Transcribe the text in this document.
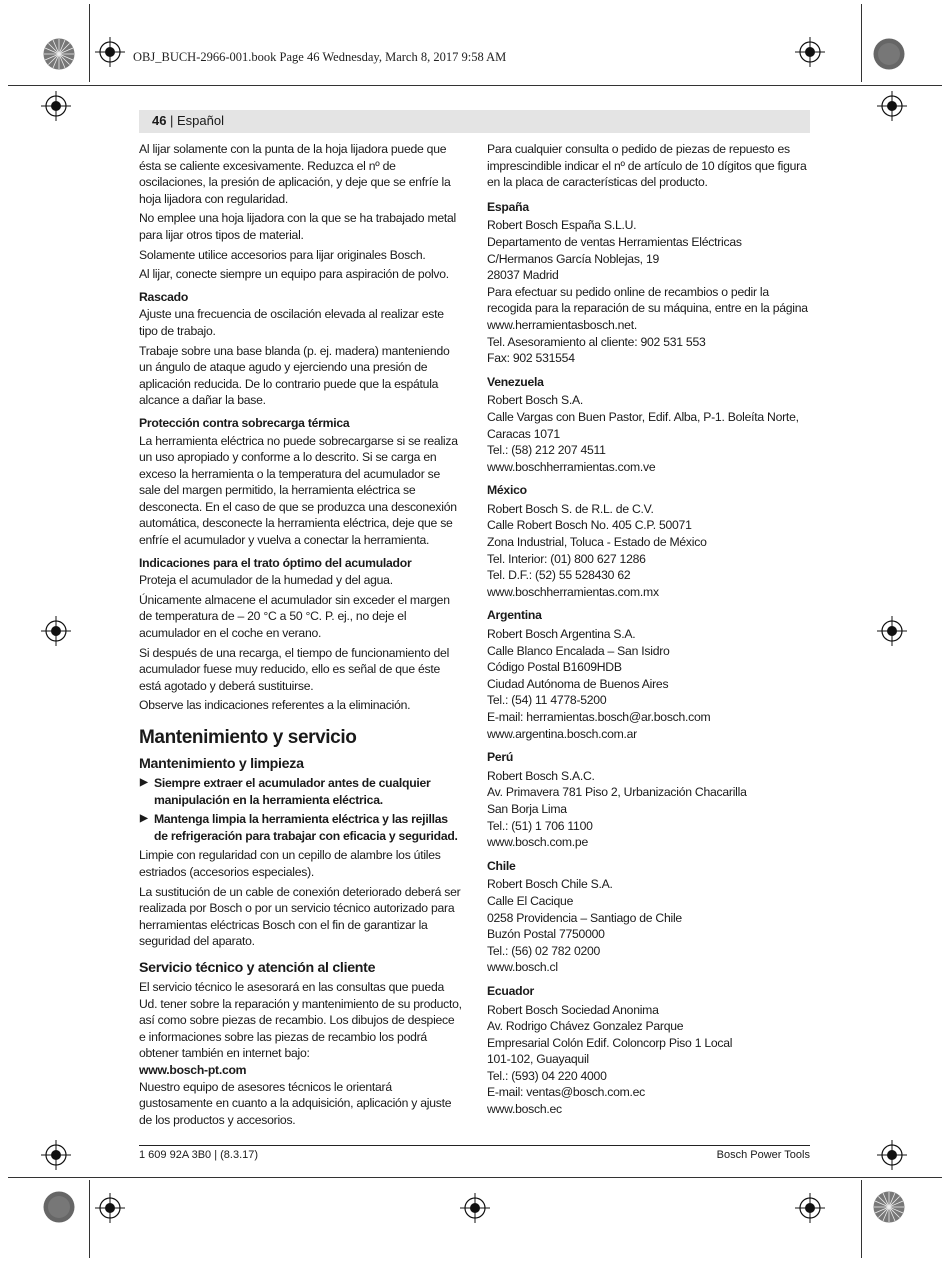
OBJ_BUCH-2966-001.book Page 46 Wednesday, March 8, 2017 9:58 AM
46 | Español

Al lijar solamente con la punta de la hoja lijadora puede que ésta se caliente excesivamente. Reduzca el nº de oscilaciones, la presión de aplicación, y deje que se enfríe la hoja lijadora con regularidad.

No emplee una hoja lijadora con la que se ha trabajado metal para lijar otros tipos de material.

Solamente utilice accesorios para lijar originales Bosch.

Al lijar, conecte siempre un equipo para aspiración de polvo.

Rascado

Ajuste una frecuencia de oscilación elevada al realizar este tipo de trabajo.

Trabaje sobre una base blanda (p. ej. madera) manteniendo un ángulo de ataque agudo y ejerciendo una presión de aplicación reducida. De lo contrario puede que la espátula alcance a dañar la base.

Protección contra sobrecarga térmica

La herramienta eléctrica no puede sobrecargarse si se realiza un uso apropiado y conforme a lo descrito. Si se carga en exceso la herramienta o la temperatura del acumulador se sale del margen permitido, la herramienta eléctrica se desconecta. En el caso de que se produzca una desconexión automática, desconecte la herramienta eléctrica, deje que se enfríe el acumulador y vuelva a conectar la herramienta.

Indicaciones para el trato óptimo del acumulador

Proteja el acumulador de la humedad y del agua.

Únicamente almacene el acumulador sin exceder el margen de temperatura de – 20 °C a 50 °C. P. ej., no deje el acumulador en el coche en verano.

Si después de una recarga, el tiempo de funcionamiento del acumulador fuese muy reducido, ello es señal de que éste está agotado y deberá sustituirse.

Observe las indicaciones referentes a la eliminación.

Mantenimiento y servicio
Mantenimiento y limpieza
▶ Siempre extraer el acumulador antes de cualquier manipulación en la herramienta eléctrica.
▶ Mantenga limpia la herramienta eléctrica y las rejillas de refrigeración para trabajar con eficacia y seguridad.

Limpie con regularidad con un cepillo de alambre los útiles estriados (accesorios especiales).

La sustitución de un cable de conexión deteriorado deberá ser realizada por Bosch o por un servicio técnico autorizado para herramientas eléctricas Bosch con el fin de garantizar la seguridad del aparato.

Servicio técnico y atención al cliente

El servicio técnico le asesorará en las consultas que pueda Ud. tener sobre la reparación y mantenimiento de su producto, así como sobre piezas de recambio. Los dibujos de despiece e informaciones sobre las piezas de recambio los podrá obtener también en internet bajo:

www.bosch-pt.com

Nuestro equipo de asesores técnicos le orientará gustosamente en cuanto a la adquisición, aplicación y ajuste de los productos y accesorios.

Para cualquier consulta o pedido de piezas de repuesto es imprescindible indicar el nº de artículo de 10 dígitos que figura en la placa de características del producto.

España

Robert Bosch España S.L.U.
Departamento de ventas Herramientas Eléctricas
C/Hermanos García Noblejas, 19
28037 Madrid
Para efectuar su pedido online de recambios o pedir la recogida para la reparación de su máquina, entre en la página
www.herramientasbosch.net.
Tel. Asesoramiento al cliente: 902 531 553
Fax: 902 531554

Venezuela

Robert Bosch S.A.
Calle Vargas con Buen Pastor, Edif. Alba, P-1. Boleíta Norte,
Caracas 1071
Tel.: (58) 212 207 4511
www.boschherramientas.com.ve

México

Robert Bosch S. de R.L. de C.V.
Calle Robert Bosch No. 405 C.P. 50071
Zona Industrial, Toluca - Estado de México
Tel. Interior: (01) 800 627 1286
Tel. D.F.: (52) 55 528430 62
www.boschherramientas.com.mx

Argentina

Robert Bosch Argentina S.A.
Calle Blanco Encalada – San Isidro
Código Postal B1609HDB
Ciudad Autónoma de Buenos Aires
Tel.: (54) 11 4778-5200
E-mail: herramientas.bosch@ar.bosch.com
www.argentina.bosch.com.ar

Perú

Robert Bosch S.A.C.
Av. Primavera 781 Piso 2, Urbanización Chacarilla
San Borja Lima
Tel.: (51) 1 706 1100
www.bosch.com.pe

Chile

Robert Bosch Chile S.A.
Calle El Cacique
0258 Providencia – Santiago de Chile
Buzón Postal 7750000
Tel.: (56) 02 782 0200
www.bosch.cl

Ecuador

Robert Bosch Sociedad Anonima
Av. Rodrigo Chávez Gonzalez Parque
Empresarial Colón Edif. Coloncorp Piso 1 Local
101-102, Guayaquil
Tel.: (593) 04 220 4000
E-mail: ventas@bosch.com.ec
www.bosch.ec

1 609 92A 3B0 | (8.3.17)	Bosch Power Tools
